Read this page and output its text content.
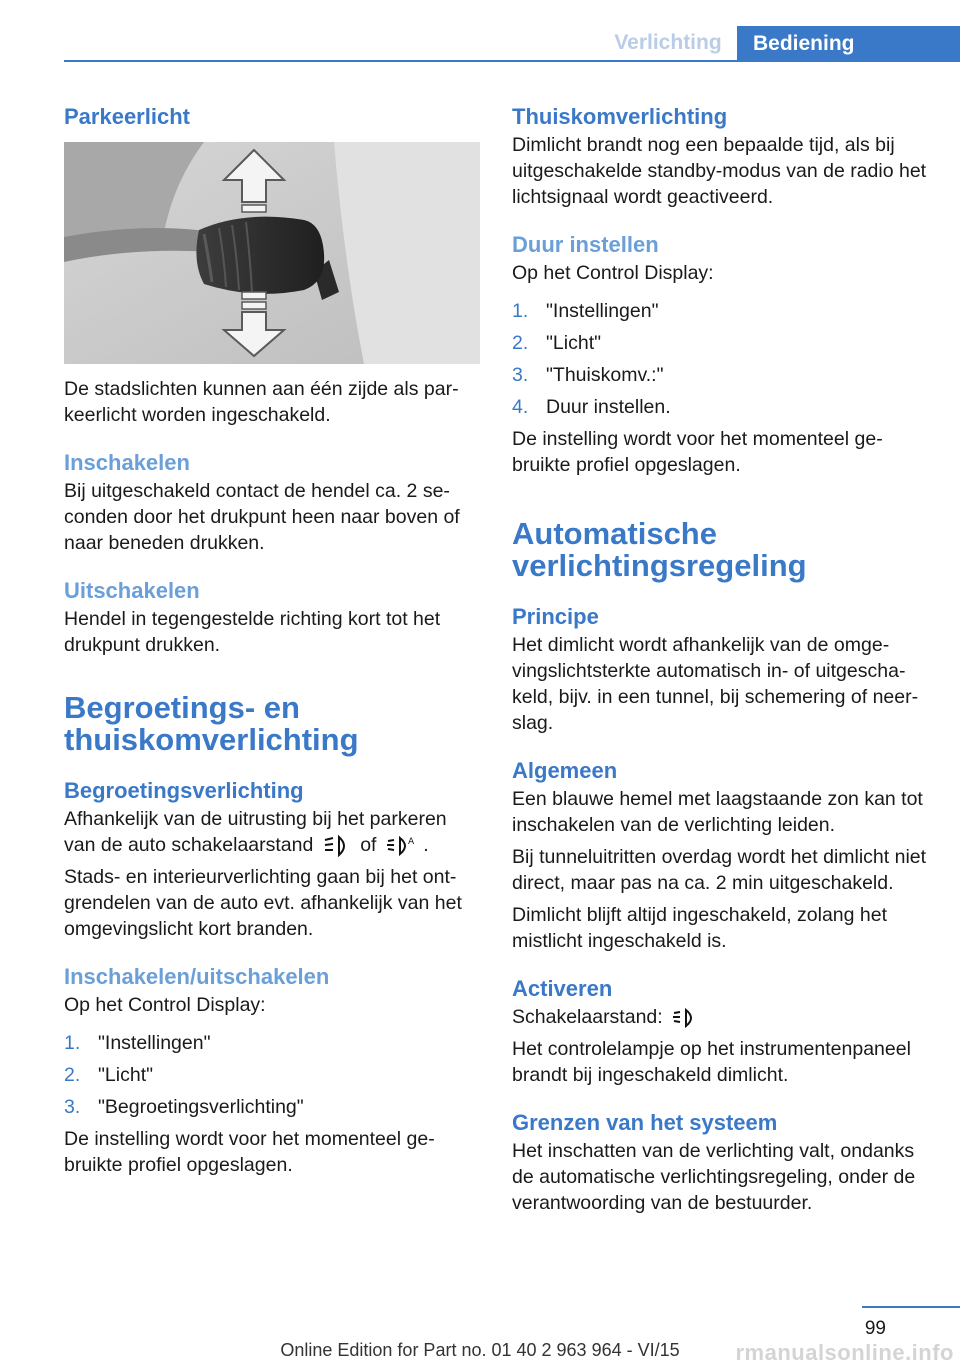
Verlichting	Bediening
Parkeerlicht

De stadslichten kunnen aan één zijde als parkeerlicht worden ingeschakeld.

Inschakelen

Bij uitgeschakeld contact de hendel ca. 2 seconden door het drukpunt heen naar boven of naar beneden drukken.

Uitschakelen

Hendel in tegengestelde richting kort tot het drukpunt drukken.

Begroetings- en thuiskomverlichting
Begroetingsverlichting

Afhankelijk van de uitrusting bij het parkeren van de auto schakelaarstand of	A .

Stads- en interieurverlichting gaan bij het ontgrendelen van de auto evt. afhankelijk van het omgevingslicht kort branden.

Inschakelen/uitschakelen

Op het Control Display:

1. "Instellingen"
2. "Licht"
3. "Begroetingsverlichting"

De instelling wordt voor het momenteel gebruikte profiel opgeslagen.

Thuiskomverlichting

Dimlicht brandt nog een bepaalde tijd, als bij uitgeschakelde standby-modus van de radio het lichtsignaal wordt geactiveerd.

Duur instellen

Op het Control Display:

1. "Instellingen"
2. "Licht"
3. "Thuiskomv.:"
4. Duur instellen.

De instelling wordt voor het momenteel gebruikte profiel opgeslagen.

Automatische verlichtingsregeling
Principe

Het dimlicht wordt afhankelijk van de omgevingslichtsterkte automatisch in- of uitgeschakeld, bijv. in een tunnel, bij schemering of neerslag.

Algemeen

Een blauwe hemel met laagstaande zon kan tot inschakelen van de verlichting leiden.

Bij tunneluitritten overdag wordt het dimlicht niet direct, maar pas na ca. 2 min uitgeschakeld.

Dimlicht blijft altijd ingeschakeld, zolang het mistlicht ingeschakeld is.

Activeren

Schakelaarstand:

Het controlelampje op het instrumentenpaneel brandt bij ingeschakeld dimlicht.

Grenzen van het systeem

Het inschatten van de verlichting valt, ondanks de automatische verlichtingsregeling, onder de verantwoording van de bestuurder.

99
Online Edition for Part no. 01 40 2 963 964 - VI/15	rmanualsonline.info
